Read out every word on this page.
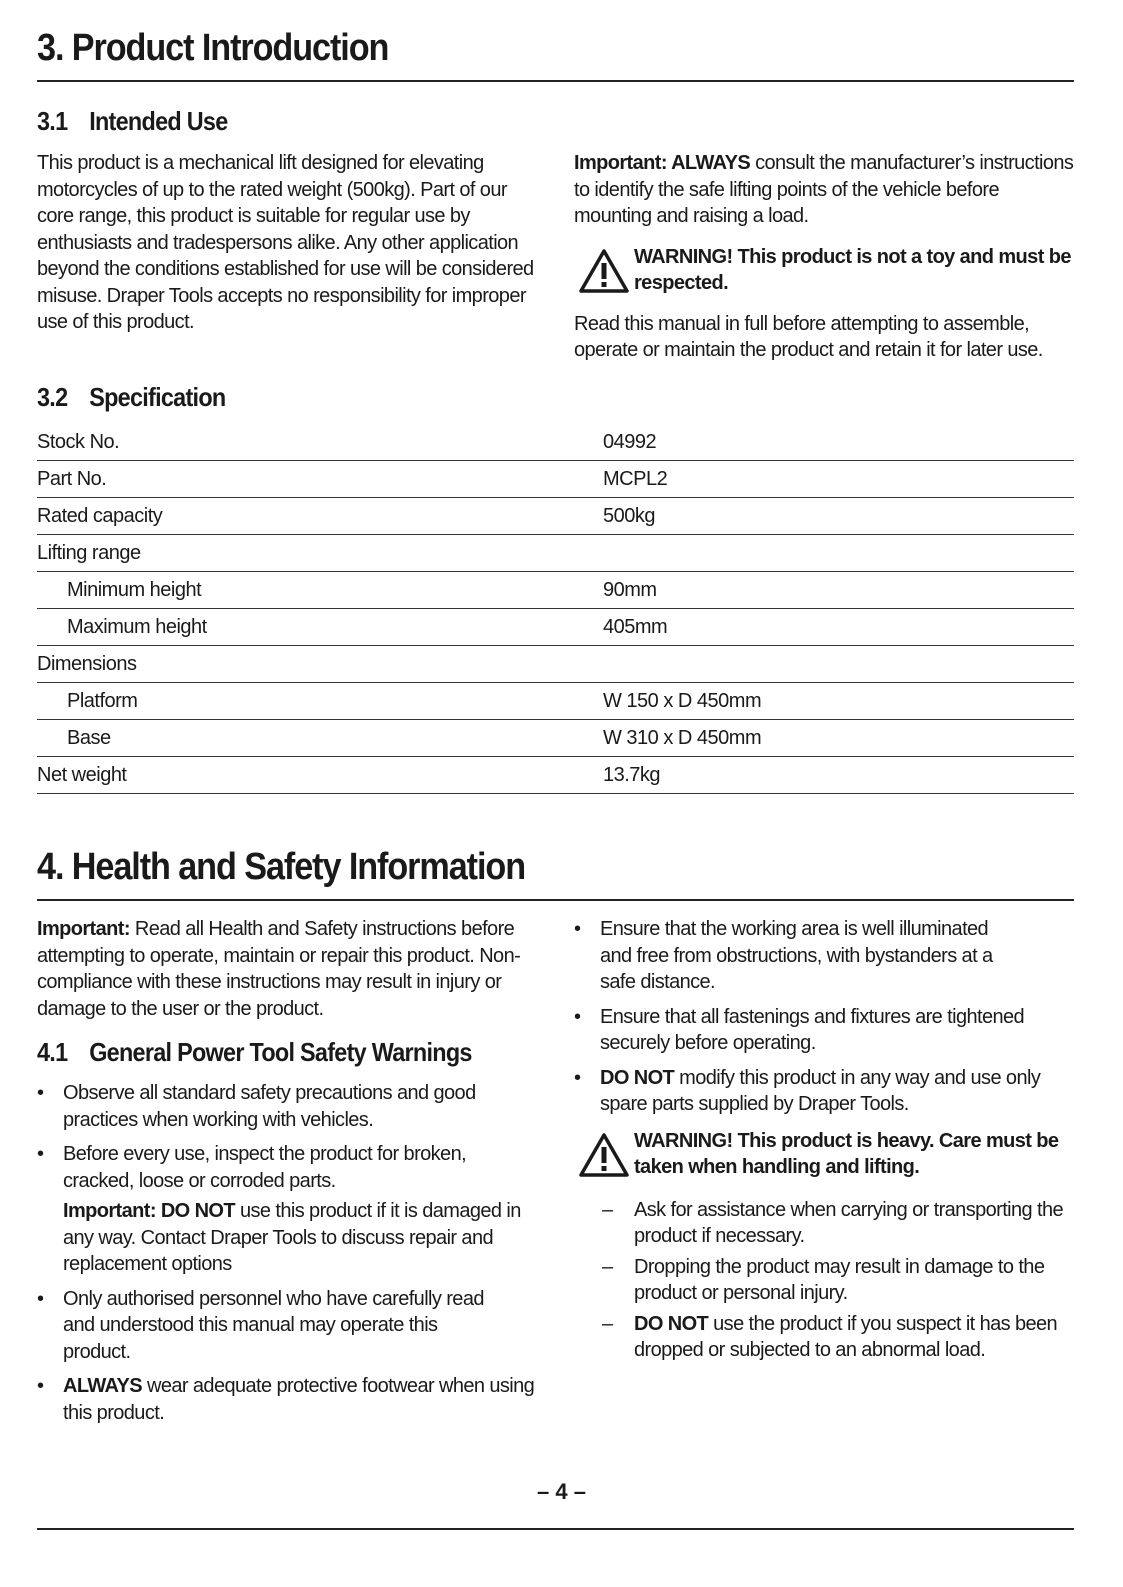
3. Product Introduction
3.1 Intended Use

This product is a mechanical lift designed for elevating motorcycles of up to the rated weight (500kg). Part of our core range, this product is suitable for regular use by enthusiasts and tradespersons alike. Any other application beyond the conditions established for use will be considered misuse. Draper Tools accepts no responsibility for improper use of this product.

Important: ALWAYS consult the manufacturer’s instructions to identify the safe lifting points of the vehicle before mounting and raising a load.

WARNING! This product is not a toy and must be respected.

Read this manual in full before attempting to assemble, operate or maintain the product and retain it for later use.

3.2 Specification
Stock No.	04992
Part No.	MCPL2
Rated capacity	500kg
Lifting range	
Minimum height	90mm
Maximum height	405mm
Dimensions	
Platform	W 150 x D 450mm
Base	W 310 x D 450mm
Net weight	13.7kg
4. Health and Safety Information

Important: Read all Health and Safety instructions before attempting to operate, maintain or repair this product. Non-compliance with these instructions may result in injury or damage to the user or the product.

4.1 General Power Tool Safety Warnings
• Observe all standard safety precautions and good practices when working with vehicles.
• Before every use, inspect the product for broken, cracked, loose or corroded parts.
Important: DO NOT use this product if it is damaged in any way. Contact Draper Tools to discuss repair and replacement options
• Only authorised personnel who have carefully read and understood this manual may operate this product.
• ALWAYS wear adequate protective footwear when using this product.
• Ensure that the working area is well illuminated and free from obstructions, with bystanders at a safe distance.
• Ensure that all fastenings and fixtures are tightened securely before operating.
• DO NOT modify this product in any way and use only spare parts supplied by Draper Tools.
WARNING! This product is heavy. Care must be taken when handling and lifting.
– Ask for assistance when carrying or transporting the product if necessary.
– Dropping the product may result in damage to the product or personal injury.
– DO NOT use the product if you suspect it has been dropped or subjected to an abnormal load.
– 4 –
